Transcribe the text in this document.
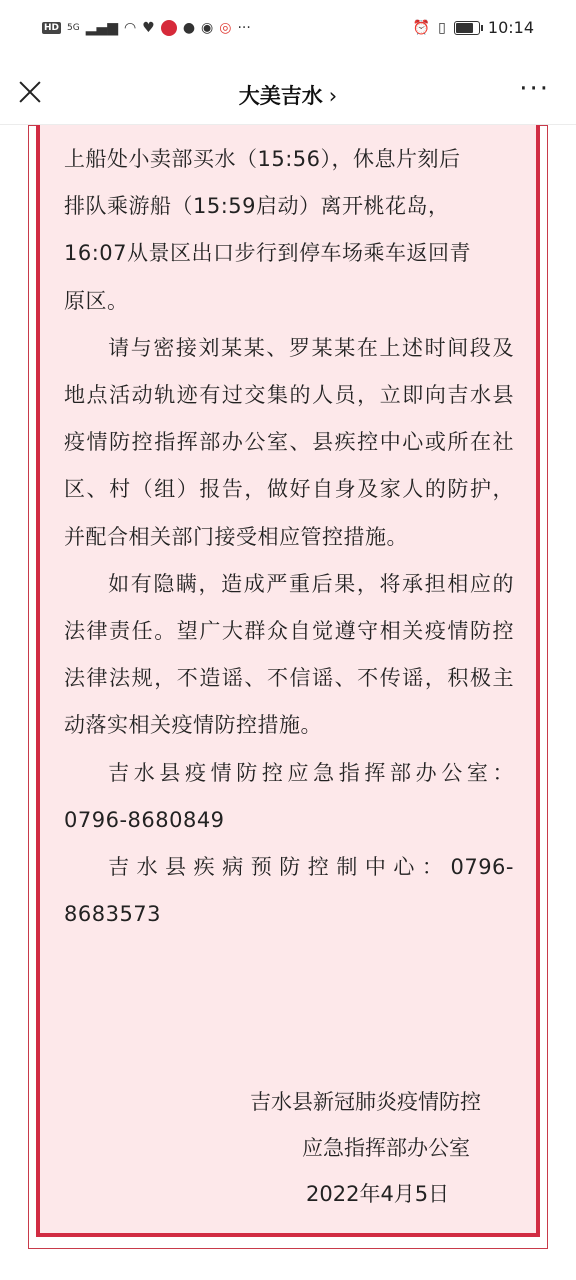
HD 5G ▂▄▆ ◠ ♥ ● ◉ ◎ ···	⏰ ▯	10:14
大美吉水 ›	···

上船处小卖部买水（15:56），休息片刻后
排队乘游船（15:59启动）离开桃花岛，
16:07从景区出口步行到停车场乘车返回青
原区。

请与密接刘某某、罗某某在上述时间段及地点活动轨迹有过交集的人员，立即向吉水县疫情防控指挥部办公室、县疾控中心或所在社区、村（组）报告，做好自身及家人的防护，并配合相关部门接受相应管控措施。

如有隐瞒，造成严重后果，将承担相应的法律责任。望广大群众自觉遵守相关疫情防控法律法规，不造谣、不信谣、不传谣，积极主动落实相关疫情防控措施。

吉水县疫情防控应急指挥部办公室：0796-8680849

吉水县疾病预防控制中心：0796-8683573

吉水县新冠肺炎疫情防控
应急指挥部办公室
2022年4月5日
